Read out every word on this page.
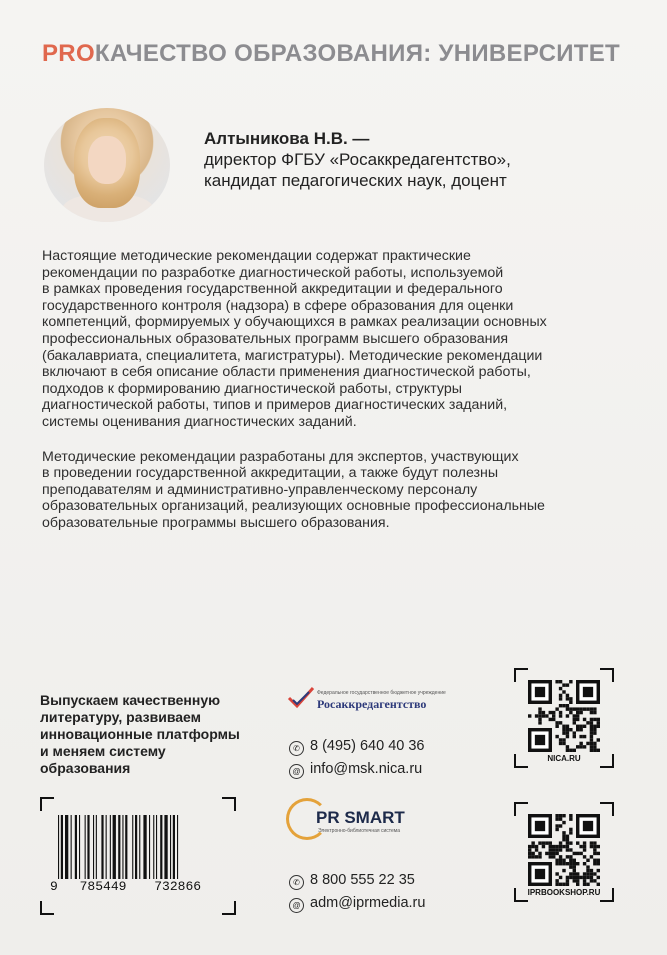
PROКАЧЕСТВО ОБРАЗОВАНИЯ: УНИВЕРСИТЕТ
Алтыникова Н.В. —
директор ФГБУ «Росаккредагентство»,
кандидат педагогических наук, доцент

Настоящие методические рекомендации содержат практические
рекомендации по разработке диагностической работы, используемой
в рамках проведения государственной аккредитации и федерального
государственного контроля (надзора) в сфере образования для оценки
компетенций, формируемых у обучающихся в рамках реализации основных
профессиональных образовательных программ высшего образования
(бакалавриата, специалитета, магистратуры). Методические рекомендации
включают в себя описание области применения диагностической работы,
подходов к формированию диагностической работы, структуры
диагностической работы, типов и примеров диагностических заданий,
системы оценивания диагностических заданий.

Методические рекомендации разработаны для экспертов, участвующих
в проведении государственной аккредитации, а также будут полезны
преподавателям и административно-управленческому персоналу
образовательных организаций, реализующих основные профессиональные
образовательные программы высшего образования.

Выпускаем качественную
литературу, развиваем
инновационные платформы
и меняем систему
образования
9 785449 732866
Федеральное государственное бюджетное учреждение
Росаккредагентство
✆ 8 (495) 640 40 36
@ info@msk.nica.ru
PR SMART
Электронно-библиотечная система
✆ 8 800 555 22 35
@ adm@iprmedia.ru
NICA.RU
IPRBOOKSHOP.RU
